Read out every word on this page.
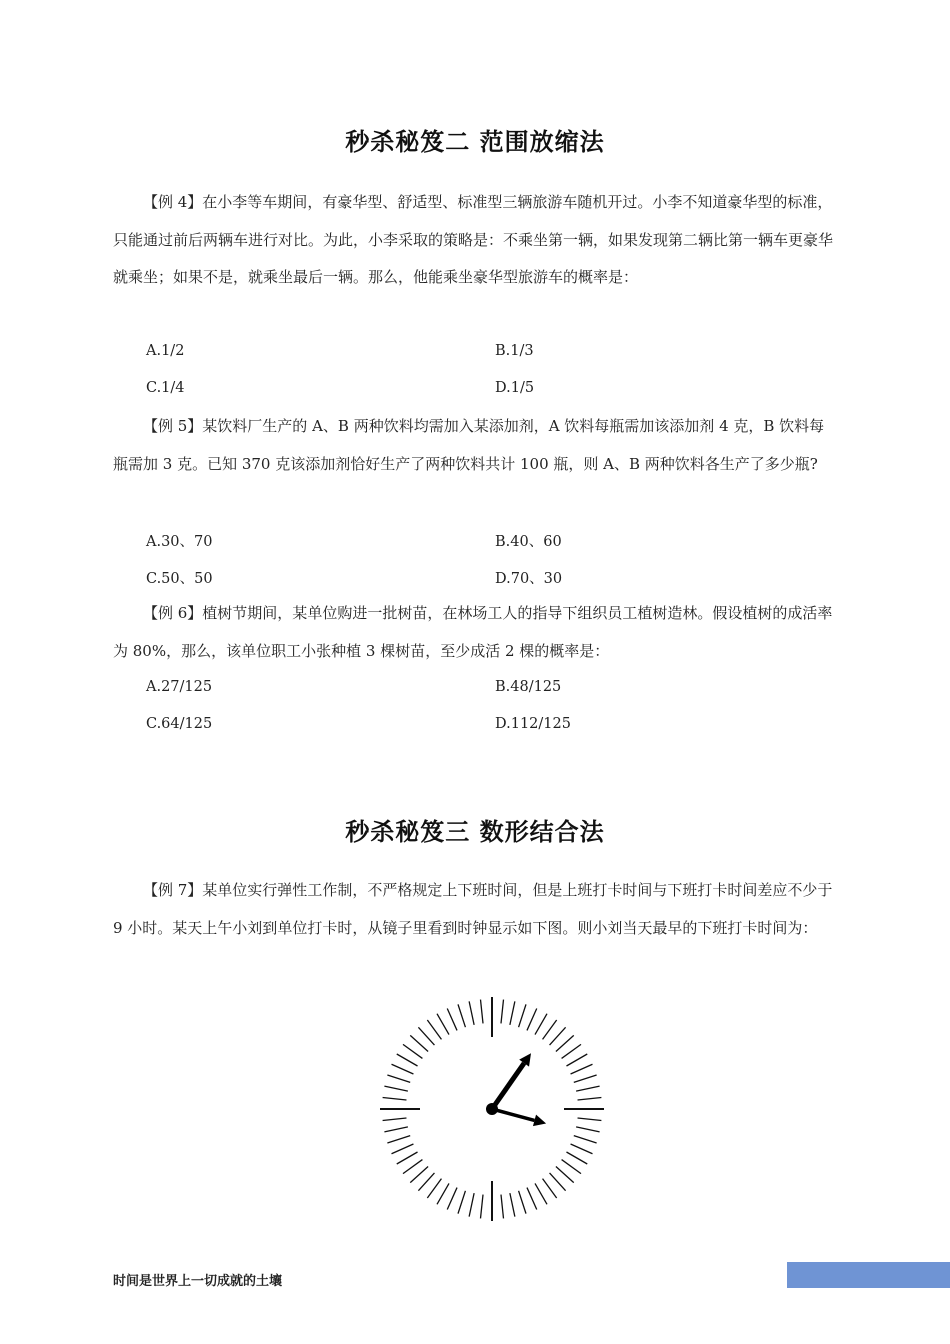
秒杀秘笈二 范围放缩法

【例 4】在小李等车期间，有豪华型、舒适型、标准型三辆旅游车随机开过。小李不知道豪华型的标准，只能通过前后两辆车进行对比。为此，小李采取的策略是：不乘坐第一辆，如果发现第二辆比第一辆车更豪华就乘坐；如果不是，就乘坐最后一辆。那么，他能乘坐豪华型旅游车的概率是：

A.1/2	B.1/3
C.1/4	D.1/5

【例 5】某饮料厂生产的 A、B 两种饮料均需加入某添加剂，A 饮料每瓶需加该添加剂 4 克，B 饮料每瓶需加 3 克。已知 370 克该添加剂恰好生产了两种饮料共计 100 瓶，则 A、B 两种饮料各生产了多少瓶?

A.30、70	B.40、60
C.50、50	D.70、30

【例 6】植树节期间，某单位购进一批树苗，在林场工人的指导下组织员工植树造林。假设植树的成活率为 80%，那么，该单位职工小张种植 3 棵树苗，至少成活 2 棵的概率是：

A.27/125	B.48/125
C.64/125	D.112/125
秒杀秘笈三 数形结合法

【例 7】某单位实行弹性工作制，不严格规定上下班时间，但是上班打卡时间与下班打卡时间差应不少于 9 小时。某天上午小刘到单位打卡时，从镜子里看到时钟显示如下图。则小刘当天最早的下班打卡时间为：

时间是世界上一切成就的土壤
